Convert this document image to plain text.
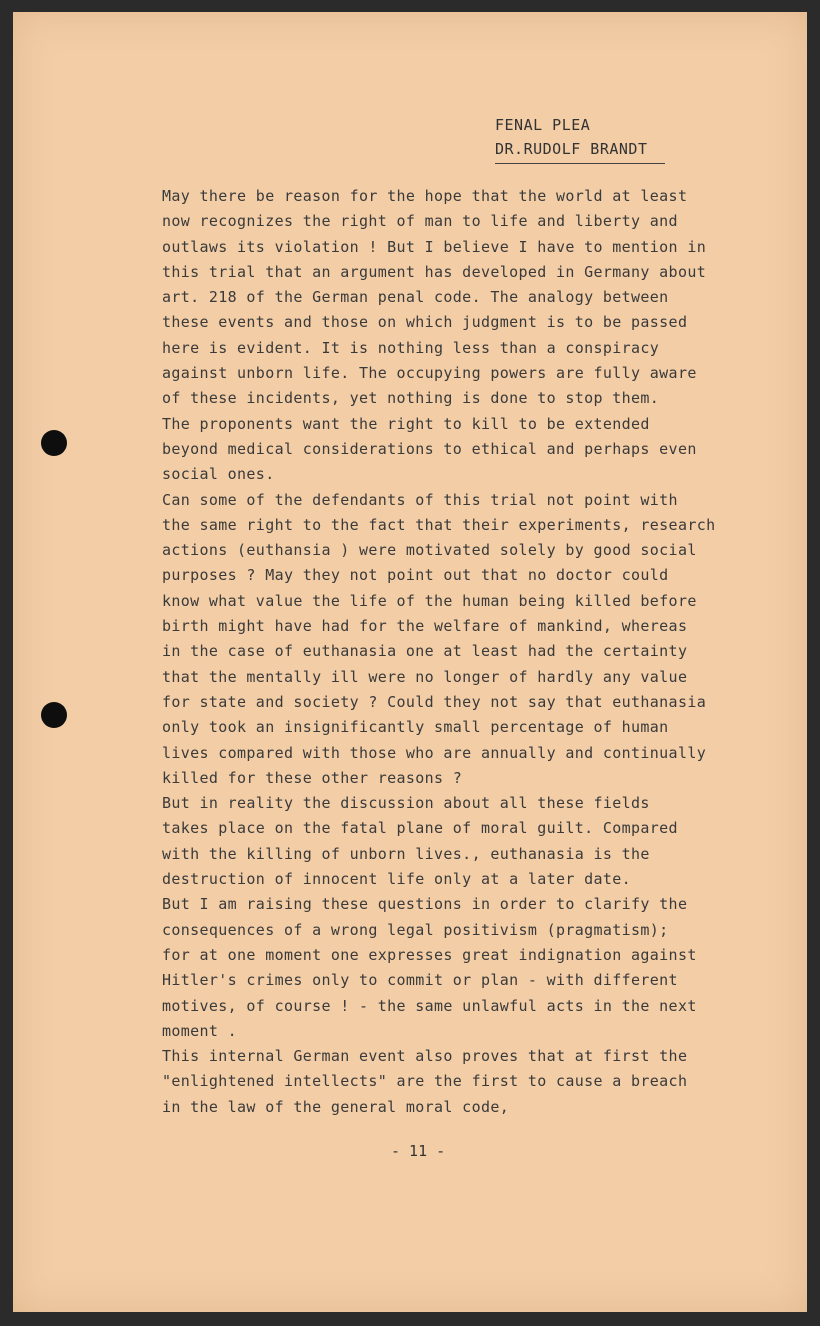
FENAL PLEA
DR.RUDOLF BRANDT
May there be reason for the hope that the world at least
now recognizes the right of man to life and liberty and
outlaws its violation ! But I believe I have to mention in
this trial that an argument has developed in Germany about
art. 218 of the German penal code. The analogy between
these events and those on which judgment is to be passed
here is evident. It is nothing less than a conspiracy
against unborn life. The occupying powers are fully aware
of these incidents, yet nothing is done to stop them.
The proponents want the right to kill to be extended
beyond medical considerations to ethical and perhaps even
social ones.
Can some of the defendants of this trial not point with
the same right to the fact that their experiments, research
actions (euthansia ) were motivated solely by good social
purposes ? May they not point out that no doctor could
know what value the life of the human being killed before
birth might have had for the welfare of mankind, whereas
in the case of euthanasia one at least had the certainty
that the mentally ill were no longer of hardly any value
for state and society ? Could they not say that euthanasia
only took an insignificantly small percentage of human
lives compared with those who are annually and continually
killed for these other reasons ?
But in reality the discussion about all these fields
takes place on the fatal plane of moral guilt. Compared
with the killing of unborn lives., euthanasia is the
destruction of innocent life only at a later date.
But I am raising these questions in order to clarify the
consequences of a wrong legal positivism (pragmatism);
for at one moment one expresses great indignation against
Hitler's crimes only to commit or plan - with different
motives, of course ! - the same unlawful acts in the next
moment .
This internal German event also proves that at first the
"enlightened intellects" are the first to cause a breach
in the law of the general moral code,
- 11 -
